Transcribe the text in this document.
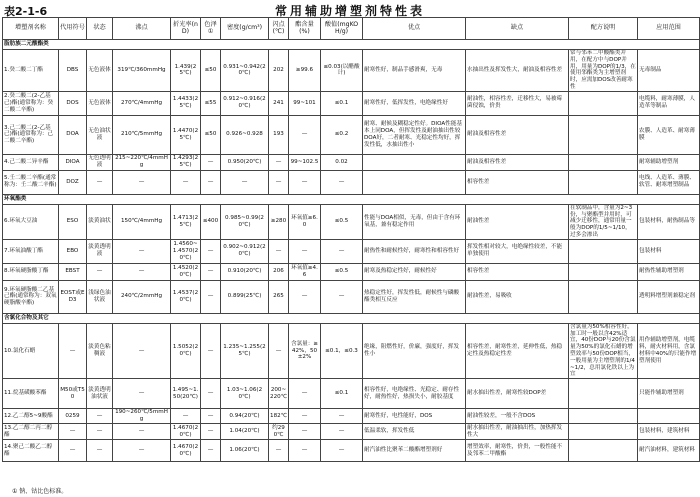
表2-1-6	常用辅助增塑剂特性表
增塑剂名称	代用符号	状态	沸点	折光率(nD)	色泽①	密度(g/cm³)	闪点(℃)	酯含量(%)	酸值(mgKOH/g)	优点	缺点	配方说明	应用范围
脂肪族二元酸酯类													
1.癸二酸二丁酯	DBS	无色液体	319℃/360mmHg	1.439(25℃)	≤50	0.931~0.942(20℃)	202	≥99.6	≤0.03(以醋酸计)	耐寒性好，制品手感滑爽，无毒	水抽出性及挥发性大，耐油及相容性差	常与邻苯二甲酸酯类并用，在配方中与DOP并用，用量为DOP的1/3，在使用邻酯类为主增塑剂时，应需加DOS改善耐寒性	无毒制品
2.癸二酸二(2-乙基己)酯(通常称为：癸二酸二辛酯)	DOS	无色液体	270℃/4mmHg	1.4433(25℃)	≤55	0.912~0.916(20℃)	241	99~101	≤0.1	耐寒性好，低挥发性，电绝缘性好	耐油性，相容性差，迁移性大，易被霉菌侵蚀，价贵		电缆料，耐寒薄膜，人造革等制品
3.己二酸二(2-乙基己)酯(通常称为：己二酸二辛酯)	DOA	无色油状液	210℃/5mmHg	1.4470(25℃)	≤50	0.926~0.928	193	—	≤0.2	耐寒、耐候及糊稳定性好。DIOA性能基本上同DOA，但挥发性及耐油抽出性较DOA好，二者耐寒、光稳定性均好，挥发性低，水抽出性小	耐油及相容性差		农膜、人造革、耐寒薄膜
4.己二酸二异辛酯	DIOA	无色透明液	215~220℃/4mmHg	1.4293(25℃)	—	0.950(20℃)	—	99~102.5	0.02		耐油及相容性差		耐寒辅助增塑剂
5.壬二酸二辛酯(通常称为：壬二酸二辛酯)	DOZ	—	—	—	—	—	—	—	—		相容性差		电线、人造革、薄膜、软管、耐寒增塑制品
环氧酯类													
6.环氧大豆油	ESO	淡黄油状	150℃/4mmHg	1.4713(25℃)	≤400	0.985~0.99(20℃)	≥280	环氧值≥6.0	≤0.5	性能与DOA相似，无毒，但由于含有环氧基，兼有稳定作用	耐油性差	在软制品中，含量为2~3份，与聚酯型并用时，可减少迁移性，通常用量一般为DOP的1/5~1/10，过多会渗出	包装材料，耐热制品等
7.环氧油酸丁酯	EBO	淡黄透明液	—	1.4560~1.4570(20℃)	—	0.902~0.912(20℃)	—	—	—	耐热性和耐候性好，耐寒性和相容性好	挥发性相对较大，电绝缘性较差，不能单独使用		包装材料
8.环氧硬脂酸丁酯	EBST	—	—	1.4520(20℃)	—	0.910(20℃)	206	环氧值≥4.6	≤0.5	耐寒及热稳定性好，耐候性好	相容性差		耐热性辅助增塑剂
9.环氧硬脂酸二乙基己酯(通常称为：双氧硬脂酸辛酯)	EOST或ED3	浅绿色油状液	240℃/2mmHg	1.4537(20℃)	—	0.899(25℃)	265	—	—	热稳定性好，挥发性低，耐候性与磷酸酯类相互反应	耐油性差，易吸收		透明料增塑剂兼稳定剂
含氯化合物及其它													
10.氯化石蜡	—	淡黄色粘稠液	—	1.5052(20℃)	—	1.235~1.255(25℃)	—	含氯量：≥42%，50±2%	≤0.1，≤0.3	绝缘，阻燃性好，价廉，强度好，挥发性小	相容性差，耐寒性差，延伸性低，热稳定性及热稳定性差	含氯量为50%相容性好，加工时一般以含42%适宜，40份DOP与20份含氯量为50%的氯化石蜡的增塑效率与50份DOP相当，一般用量为主增塑剂的1/4~1/2，总用氯化铁以上为宜	用作辅助增塑剂，电缆料，耐火材料用，含氯材料中40%的只能作增塑剂使用
11.烷基磺酸苯酯	M50或T50	淡黄透明油状液	—	1.495~1.50(20℃)	—	1.03~1.06(20℃)	200~220℃	—	≤0.1	相容性好，电绝缘性、光稳定、耐存性好，耐热性好，热损失小，耐胶基度	耐水抽出性差，耐寒性较DOP差		只能作辅助增塑剂
12.乙二醇5~9酸酯	0259	—	190~260℃/5mmHg	—	—	0.94(20℃)	182℃	—	—	耐寒性好，电性能好，DOS	耐油性较差，一般不含DOS		
13.乙二醇二丙二醇酯	—	—	—	1.4670(20℃)	—	1.04(20℃)	约290℃	—	—	低温柔软，挥发性低	耐水抽出性差，耐油抽出性，加热挥发性大		包装材料，建筑材料
14.聚己二酸乙二醇酯	—	—	—	1.4670(20℃)	—	1.06(20℃)	—	—	—	耐汽油性比聚苯二酸酯增塑剂好	增塑效率，耐寒性，价贵，一般性能不及邻苯二甲酸酯		耐汽油材料，建筑材料
① 钠、钴比色标准。
